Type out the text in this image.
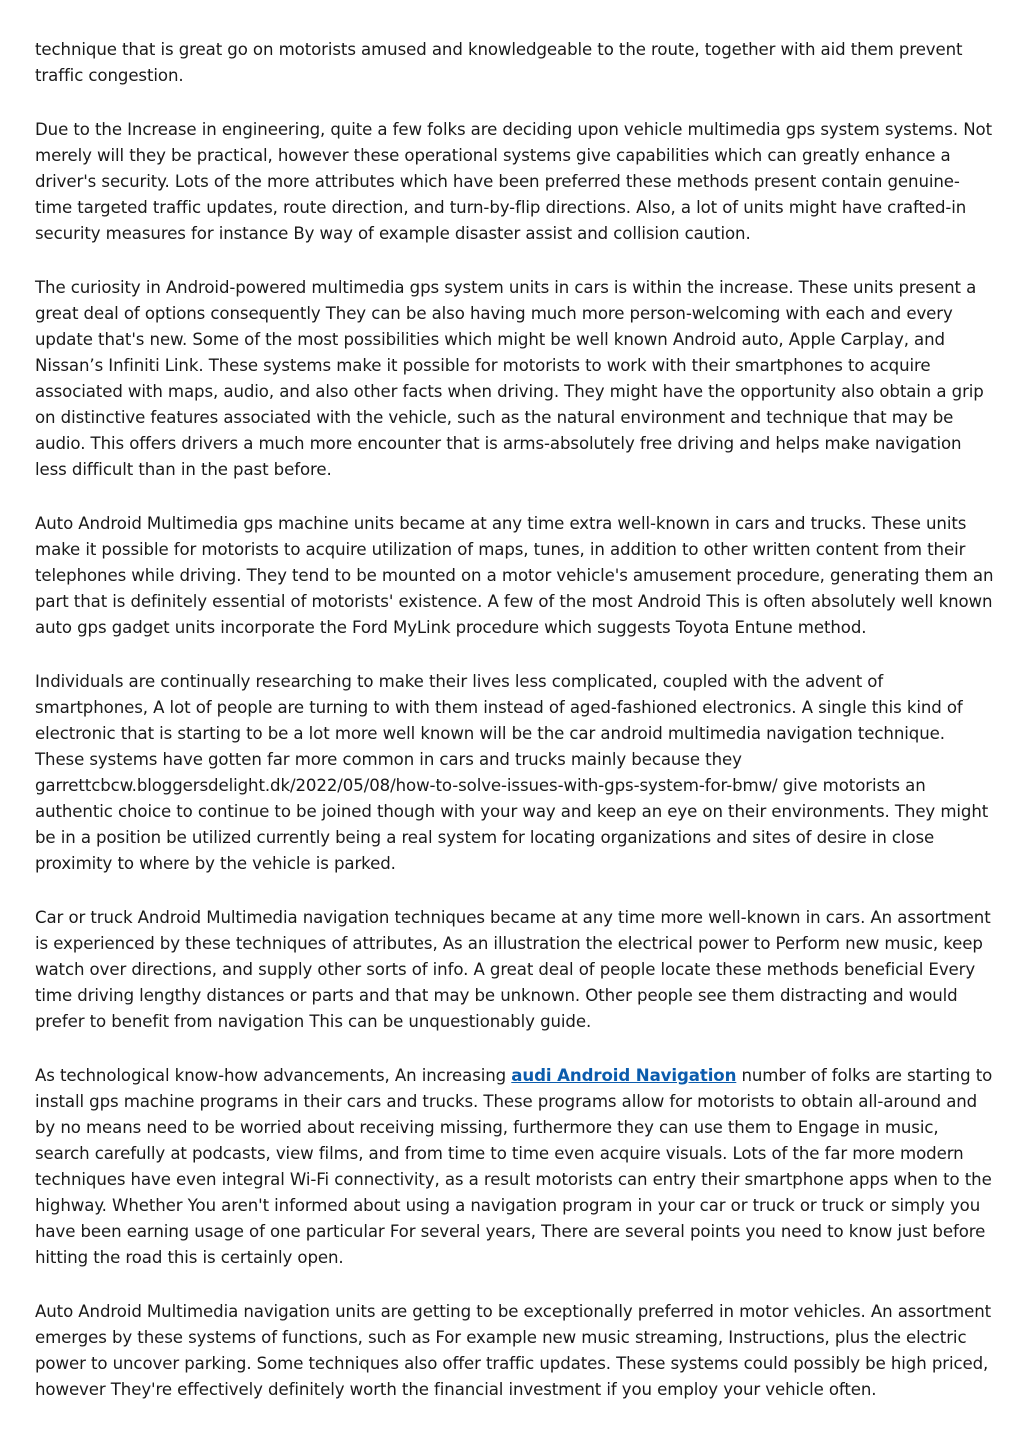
technique that is great go on motorists amused and knowledgeable to the route, together with aid them prevent traffic congestion.

Due to the Increase in engineering, quite a few folks are deciding upon vehicle multimedia gps system systems. Not merely will they be practical, however these operational systems give capabilities which can greatly enhance a driver's security. Lots of the more attributes which have been preferred these methods present contain genuine-time targeted traffic updates, route direction, and turn-by-flip directions. Also, a lot of units might have crafted-in security measures for instance By way of example disaster assist and collision caution.

The curiosity in Android-powered multimedia gps system units in cars is within the increase. These units present a great deal of options consequently They can be also having much more person-welcoming with each and every update that's new. Some of the most possibilities which might be well known Android auto, Apple Carplay, and Nissan’s Infiniti Link. These systems make it possible for motorists to work with their smartphones to acquire associated with maps, audio, and also other facts when driving. They might have the opportunity also obtain a grip on distinctive features associated with the vehicle, such as the natural environment and technique that may be audio. This offers drivers a much more encounter that is arms-absolutely free driving and helps make navigation less difficult than in the past before.

Auto Android Multimedia gps machine units became at any time extra well-known in cars and trucks. These units make it possible for motorists to acquire utilization of maps, tunes, in addition to other written content from their telephones while driving. They tend to be mounted on a motor vehicle's amusement procedure, generating them an part that is definitely essential of motorists' existence. A few of the most Android This is often absolutely well known auto gps gadget units incorporate the Ford MyLink procedure which suggests Toyota Entune method.

Individuals are continually researching to make their lives less complicated, coupled with the advent of smartphones, A lot of people are turning to with them instead of aged-fashioned electronics. A single this kind of electronic that is starting to be a lot more well known will be the car android multimedia navigation technique. These systems have gotten far more common in cars and trucks mainly because they garrettcbcw.bloggersdelight.dk/2022/05/08/how-to-solve-issues-with-gps-system-for-bmw/ give motorists an authentic choice to continue to be joined though with your way and keep an eye on their environments. They might be in a position be utilized currently being a real system for locating organizations and sites of desire in close proximity to where by the vehicle is parked.

Car or truck Android Multimedia navigation techniques became at any time more well-known in cars. An assortment is experienced by these techniques of attributes, As an illustration the electrical power to Perform new music, keep watch over directions, and supply other sorts of info. A great deal of people locate these methods beneficial Every time driving lengthy distances or parts and that may be unknown. Other people see them distracting and would prefer to benefit from navigation This can be unquestionably guide.

As technological know-how advancements, An increasing audi Android Navigation number of folks are starting to install gps machine programs in their cars and trucks. These programs allow for motorists to obtain all-around and by no means need to be worried about receiving missing, furthermore they can use them to Engage in music, search carefully at podcasts, view films, and from time to time even acquire visuals. Lots of the far more modern techniques have even integral Wi-Fi connectivity, as a result motorists can entry their smartphone apps when to the highway. Whether You aren't informed about using a navigation program in your car or truck or truck or simply you have been earning usage of one particular For several years, There are several points you need to know just before hitting the road this is certainly open.

Auto Android Multimedia navigation units are getting to be exceptionally preferred in motor vehicles. An assortment emerges by these systems of functions, such as For example new music streaming, Instructions, plus the electric power to uncover parking. Some techniques also offer traffic updates. These systems could possibly be high priced, however They're effectively definitely worth the financial investment if you employ your vehicle often.
